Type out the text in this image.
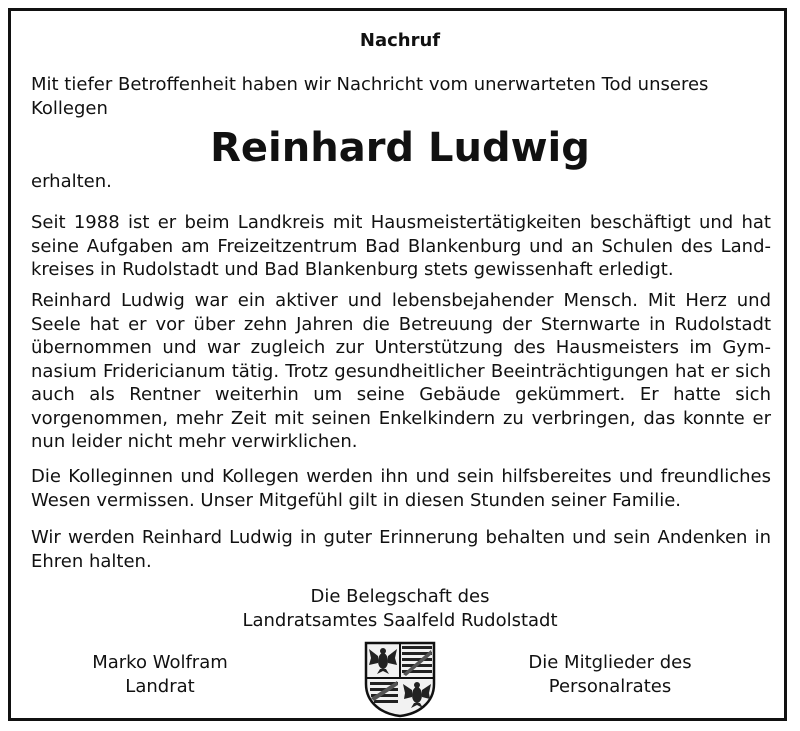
Nachruf

Mit tiefer Betroffenheit haben wir Nachricht vom unerwarteten Tod unseres Kollegen

Reinhard Ludwig
erhalten.

Seit 1988 ist er beim Landkreis mit Hausmeistertätigkeiten beschäftigt und hat seine Aufgaben am Freizeitzentrum Bad Blankenburg und an Schulen des Landkreises in Rudolstadt und Bad Blankenburg stets gewissenhaft erledigt.

Reinhard Ludwig war ein aktiver und lebensbejahender Mensch. Mit Herz und Seele hat er vor über zehn Jahren die Betreuung der Sternwarte in Rudolstadt übernommen und war zugleich zur Unterstützung des Hausmeisters im Gymnasium Fridericianum tätig. Trotz gesundheitlicher Beeinträchtigungen hat er sich auch als Rentner weiterhin um seine Gebäude gekümmert. Er hatte sich vorgenommen, mehr Zeit mit seinen Enkelkindern zu verbringen, das konnte er nun leider nicht mehr verwirklichen.

Die Kolleginnen und Kollegen werden ihn und sein hilfsbereites und freundliches Wesen vermissen. Unser Mitgefühl gilt in diesen Stunden seiner Familie.

Wir werden Reinhard Ludwig in guter Erinnerung behalten und sein Andenken in Ehren halten.

Die Belegschaft des
Landratsamtes Saalfeld Rudolstadt
Marko Wolfram
Landrat
Die Mitglieder des
Personalrates
